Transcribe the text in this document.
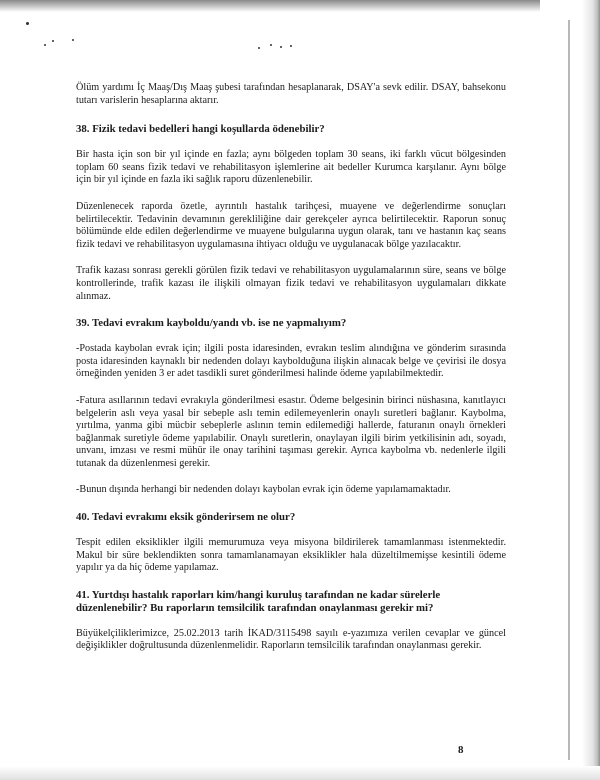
Ölüm yardımı İç Maaş/Dış Maaş şubesi tarafından hesaplanarak, DSAY'a sevk edilir. DSAY, bahsekonu tutarı varislerin hesaplarına aktarır.

38. Fizik tedavi bedelleri hangi koşullarda ödenebilir?

Bir hasta için son bir yıl içinde en fazla; aynı bölgeden toplam 30 seans, iki farklı vücut bölgesinden toplam 60 seans fizik tedavi ve rehabilitasyon işlemlerine ait bedeller Kurumca karşılanır. Aynı bölge için bir yıl içinde en fazla iki sağlık raporu düzenlenebilir.

Düzenlenecek raporda özetle, ayrıntılı hastalık tarihçesi, muayene ve değerlendirme sonuçları belirtilecektir. Tedavinin devamının gerekliliğine dair gerekçeler ayrıca belirtilecektir. Raporun sonuç bölümünde elde edilen değerlendirme ve muayene bulgularına uygun olarak, tanı ve hastanın kaç seans fizik tedavi ve rehabilitasyon uygulamasına ihtiyacı olduğu ve uygulanacak bölge yazılacaktır.

Trafik kazası sonrası gerekli görülen fizik tedavi ve rehabilitasyon uygulamalarının süre, seans ve bölge kontrollerinde, trafik kazası ile ilişkili olmayan fizik tedavi ve rehabilitasyon uygulamaları dikkate alınmaz.

39. Tedavi evrakım kayboldu/yandı vb. ise ne yapmalıyım?

-Postada kaybolan evrak için; ilgili posta idaresinden, evrakın teslim alındığına ve gönderim sırasında posta idaresinden kaynaklı bir nedenden dolayı kaybolduğuna ilişkin alınacak belge ve çevirisi ile dosya örneğinden yeniden 3 er adet tasdikli suret gönderilmesi halinde ödeme yapılabilmektedir.

-Fatura asıllarının tedavi evrakıyla gönderilmesi esastır. Ödeme belgesinin birinci nüshasına, kanıtlayıcı belgelerin aslı veya yasal bir sebeple aslı temin edilemeyenlerin onaylı suretleri bağlanır. Kaybolma, yırtılma, yanma gibi mücbir sebeplerle aslının temin edilemediği hallerde, faturanın onaylı örnekleri bağlanmak suretiyle ödeme yapılabilir. Onaylı suretlerin, onaylayan ilgili birim yetkilisinin adı, soyadı, unvanı, imzası ve resmi mühür ile onay tarihini taşıması gerekir. Ayrıca kaybolma vb. nedenlerle ilgili tutanak da düzenlenmesi gerekir.

-Bunun dışında herhangi bir nedenden dolayı kaybolan evrak için ödeme yapılamamaktadır.

40. Tedavi evrakımı eksik gönderirsem ne olur?

Tespit edilen eksiklikler ilgili memurumuza veya misyona bildirilerek tamamlanması istenmektedir. Makul bir süre beklendikten sonra tamamlanamayan eksiklikler hala düzeltilmemişse kesintili ödeme yapılır ya da hiç ödeme yapılamaz.

41. Yurtdışı hastalık raporları kim/hangi kuruluş tarafından ne kadar sürelerle düzenlenebilir? Bu raporların temsilcilik tarafından onaylanması gerekir mi?

Büyükelçiliklerimizce, 25.02.2013 tarih İKAD/3115498 sayılı e-yazımıza verilen cevaplar ve güncel değişiklikler doğrultusunda düzenlenmelidir. Raporların temsilcilik tarafından onaylanması gerekir.

8
